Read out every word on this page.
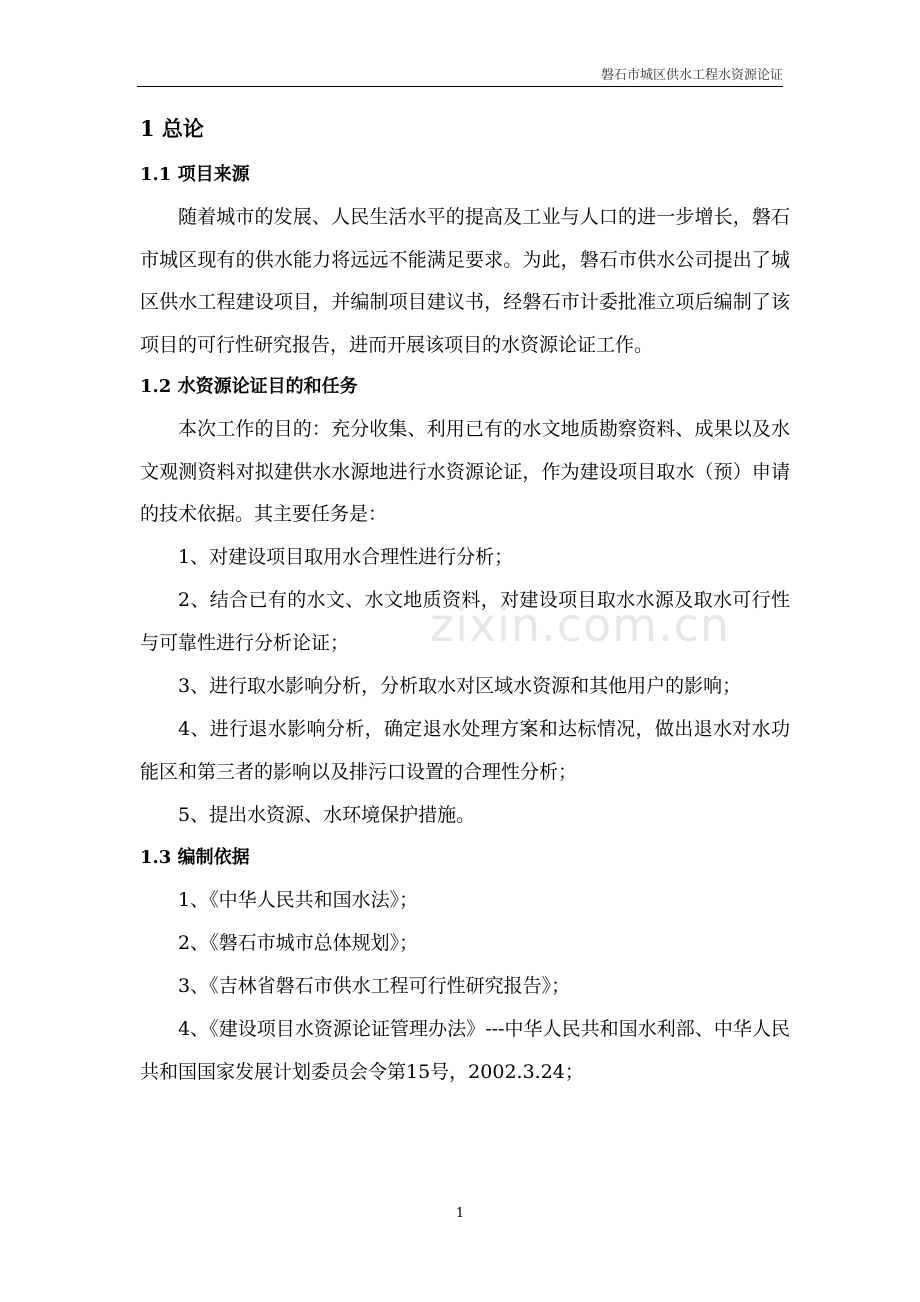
磐石市城区供水工程水资源论证
1 总论
1.1 项目来源

随着城市的发展、人民生活水平的提高及工业与人口的进一步增长，磐石市城区现有的供水能力将远远不能满足要求。为此，磐石市供水公司提出了城区供水工程建设项目，并编制项目建议书，经磐石市计委批准立项后编制了该项目的可行性研究报告，进而开展该项目的水资源论证工作。

1.2 水资源论证目的和任务

本次工作的目的：充分收集、利用已有的水文地质勘察资料、成果以及水文观测资料对拟建供水水源地进行水资源论证，作为建设项目取水（预）申请的技术依据。其主要任务是：

1、对建设项目取用水合理性进行分析；

2、结合已有的水文、水文地质资料，对建设项目取水水源及取水可行性与可靠性进行分析论证；

3、进行取水影响分析，分析取水对区域水资源和其他用户的影响；

4、进行退水影响分析，确定退水处理方案和达标情况，做出退水对水功能区和第三者的影响以及排污口设置的合理性分析；

5、提出水资源、水环境保护措施。

1.3 编制依据

1、《中华人民共和国水法》；

2、《磐石市城市总体规划》；

3、《吉林省磐石市供水工程可行性研究报告》；

4、《建设项目水资源论证管理办法》---中华人民共和国水利部、中华人民共和国国家发展计划委员会令第15号，2002.3.24；

zixin.com.cn
1
